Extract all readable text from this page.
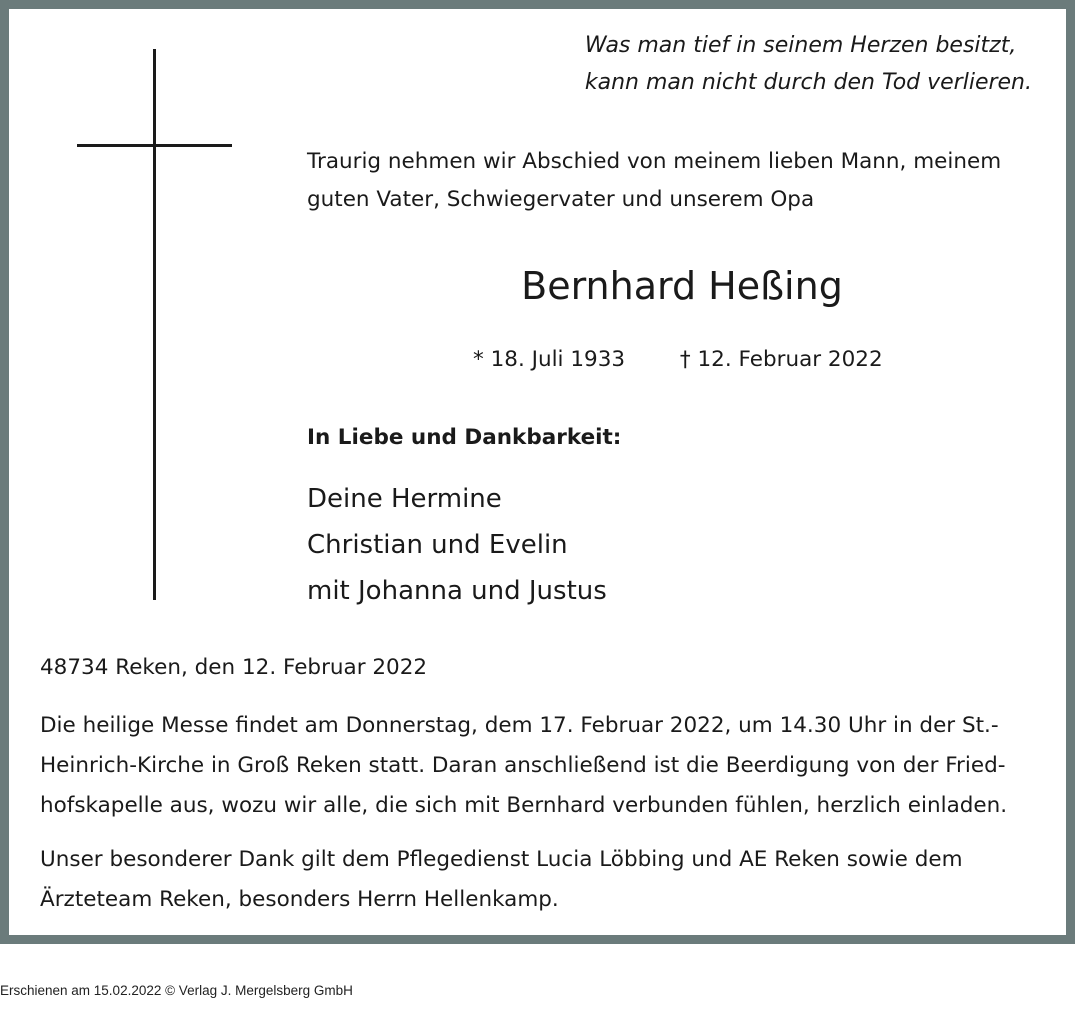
Was man tief in seinem Herzen besitzt,
kann man nicht durch den Tod verlieren.
Traurig nehmen wir Abschied von meinem lieben Mann, meinem
guten Vater, Schwiegervater und unserem Opa
Bernhard Heßing
* 18. Juli 1933	† 12. Februar 2022
In Liebe und Dankbarkeit:
Deine Hermine
Christian und Evelin
mit Johanna und Justus
48734 Reken, den 12. Februar 2022
Die heilige Messe findet am Donnerstag, dem 17. Februar 2022, um 14.30 Uhr in der St.-
Heinrich-Kirche in Groß Reken statt. Daran anschließend ist die Beerdigung von der Fried-
hofskapelle aus, wozu wir alle, die sich mit Bernhard verbunden fühlen, herzlich einladen.
Unser besonderer Dank gilt dem Pflegedienst Lucia Löbbing und AE Reken sowie dem
Ärzteteam Reken, besonders Herrn Hellenkamp.
Erschienen am 15.02.2022 © Verlag J. Mergelsberg GmbH
